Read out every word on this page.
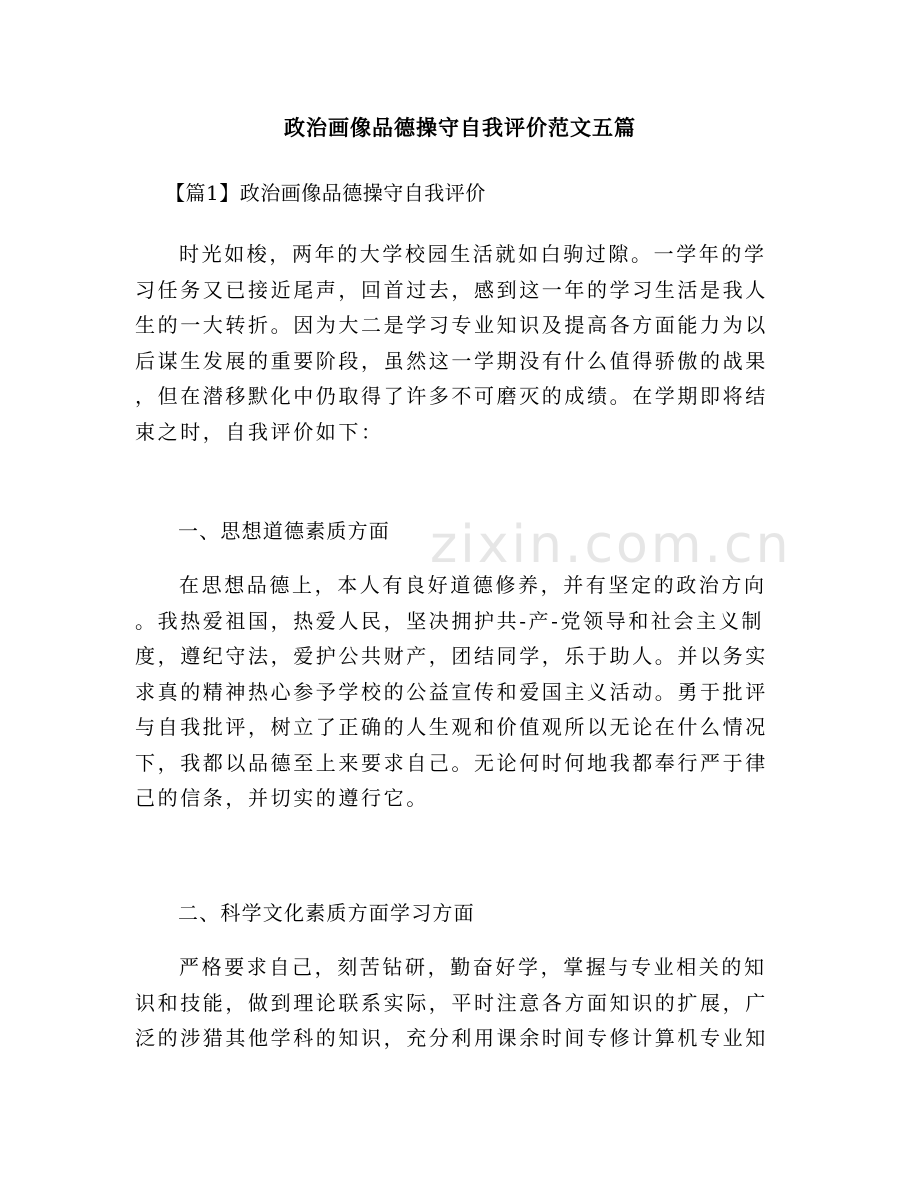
zixin.com.cn
政治画像品德操守自我评价范文五篇
【篇1】政治画像品德操守自我评价
时光如梭，两年的大学校园生活就如白驹过隙。一学年的学
习任务又已接近尾声，回首过去，感到这一年的学习生活是我人
生的一大转折。因为大二是学习专业知识及提高各方面能力为以
后谋生发展的重要阶段，虽然这一学期没有什么值得骄傲的战果
，但在潜移默化中仍取得了许多不可磨灭的成绩。在学期即将结
束之时，自我评价如下：
一、思想道德素质方面
在思想品德上，本人有良好道德修养，并有坚定的政治方向
。我热爱祖国，热爱人民，坚决拥护共-产-党领导和社会主义制
度，遵纪守法，爱护公共财产，团结同学，乐于助人。并以务实
求真的精神热心参予学校的公益宣传和爱国主义活动。勇于批评
与自我批评，树立了正确的人生观和价值观所以无论在什么情况
下，我都以品德至上来要求自己。无论何时何地我都奉行严于律
己的信条，并切实的遵行它。
二、科学文化素质方面学习方面
严格要求自己，刻苦钻研，勤奋好学，掌握与专业相关的知
识和技能，做到理论联系实际，平时注意各方面知识的扩展，广
泛的涉猎其他学科的知识，充分利用课余时间专修计算机专业知
